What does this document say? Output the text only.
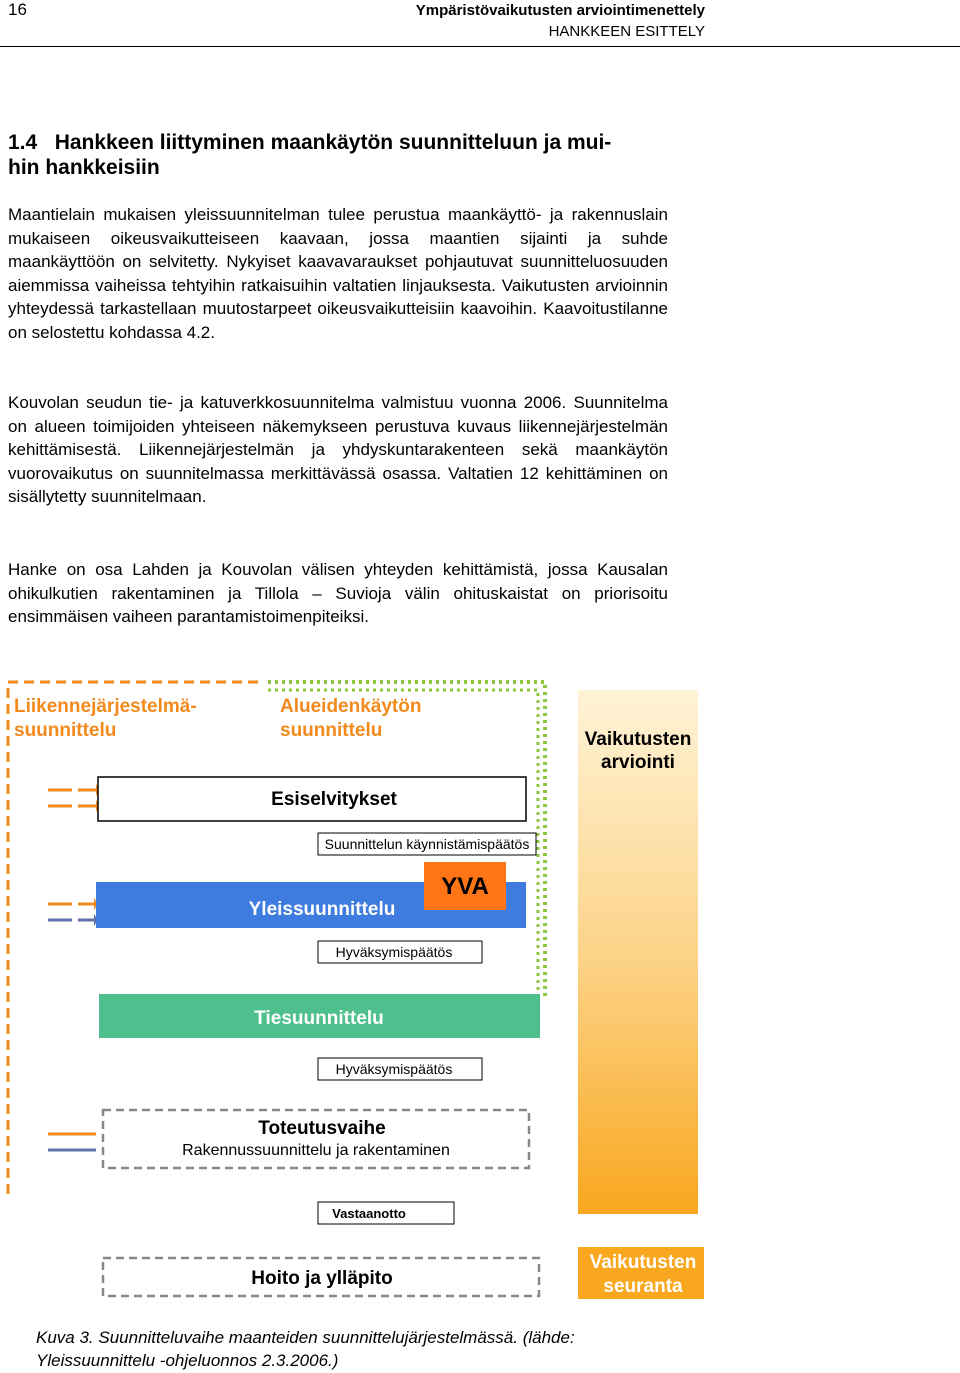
16	Ympäristövaikutusten arviointimenettely
HANKKEEN ESITTELY
1.4   Hankkeen liittyminen maankäytön suunnitteluun ja mui-
hin hankkeisiin
Maantielain mukaisen yleissuunnitelman tulee perustua maankäyttö- ja rakennuslain mukaiseen oikeusvaikutteiseen kaavaan, jossa maantien sijainti ja suhde maankäyttöön on selvitetty. Nykyiset kaavavaraukset pohjautuvat suunnitteluosuuden aiemmissa vaiheissa tehtyihin ratkaisuihin valtatien linjauksesta. Vaikutusten arvioinnin yhteydessä tarkastellaan muutostarpeet oikeusvaikutteisiin kaavoihin. Kaavoitustilanne on selostettu kohdassa 4.2.
Kouvolan seudun tie- ja katuverkkosuunnitelma valmistuu vuonna 2006. Suunnitelma on alueen toimijoiden yhteiseen näkemykseen perustuva kuvaus liikennejärjestelmän kehittämisestä. Liikennejärjestelmän ja yhdyskuntarakenteen sekä maankäytön vuorovaikutus on suunnitelmassa merkittävässä osassa. Valtatien 12 kehittäminen on sisällytetty suunnitelmaan.
Hanke on osa Lahden ja Kouvolan välisen yhteyden kehittämistä, jossa Kausalan ohikulkutien rakentaminen ja Tillola – Suvioja välin ohituskaistat on priorisoitu ensimmäisen vaiheen parantamistoimenpiteiksi.
Vaikutusten
arviointi
Liikennejärjestelmä-
suunnittelu
Alueidenkäytön
suunnittelu
Esiselvitykset
Suunnittelun käynnistämispäätös
Yleissuunnittelu
YVA
Hyväksymispäätös
Tiesuunnittelu
Hyväksymispäätös
Toteutusvaihe
Rakennussuunnittelu ja rakentaminen
Vastaanotto
Hoito ja ylläpito
Vaikutusten
seuranta
Kuva 3. Suunnitteluvaihe maanteiden suunnittelujärjestelmässä. (lähde:
Yleissuunnittelu -ohjeluonnos 2.3.2006.)
